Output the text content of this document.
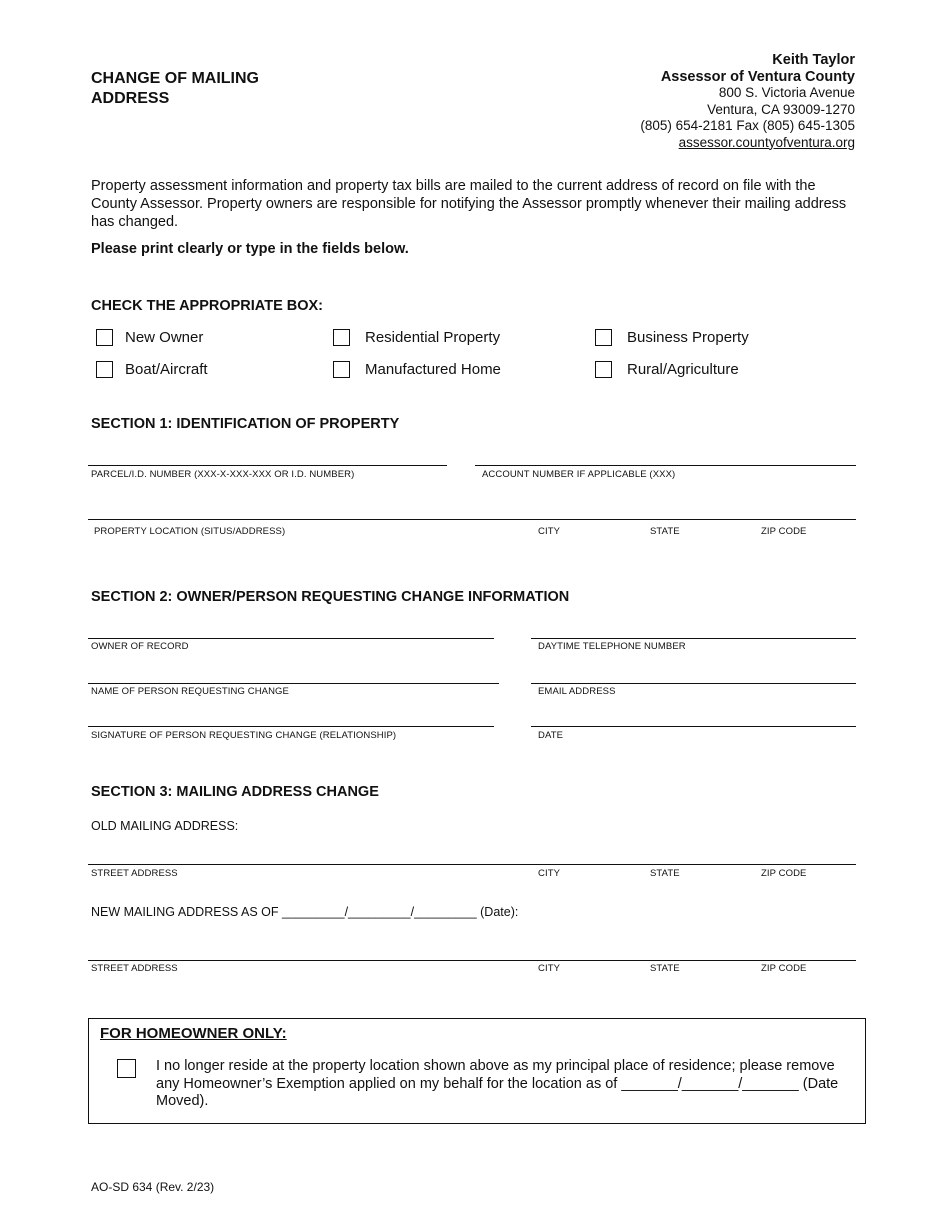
CHANGE OF MAILING ADDRESS
Keith Taylor
Assessor of Ventura County
800 S. Victoria Avenue
Ventura, CA 93009-1270
(805) 654-2181 Fax (805) 645-1305
assessor.countyofventura.org
Property assessment information and property tax bills are mailed to the current address of record on file with the County Assessor. Property owners are responsible for notifying the Assessor promptly whenever their mailing address has changed.
Please print clearly or type in the fields below.
CHECK THE APPROPRIATE BOX:
New Owner	Residential Property	Business Property
Boat/Aircraft	Manufactured Home	Rural/Agriculture
SECTION 1: IDENTIFICATION OF PROPERTY
PARCEL/I.D. NUMBER (XXX-X-XXX-XXX OR I.D. NUMBER)	ACCOUNT NUMBER IF APPLICABLE (XXX)
PROPERTY LOCATION (SITUS/ADDRESS)	CITY	STATE	ZIP CODE
SECTION 2: OWNER/PERSON REQUESTING CHANGE INFORMATION
OWNER OF RECORD	DAYTIME TELEPHONE NUMBER
NAME OF PERSON REQUESTING CHANGE	EMAIL ADDRESS
SIGNATURE OF PERSON REQUESTING CHANGE (RELATIONSHIP)	DATE
SECTION 3: MAILING ADDRESS CHANGE
OLD MAILING ADDRESS:
STREET ADDRESS	CITY	STATE	ZIP CODE
NEW MAILING ADDRESS AS OF _________/_________/_________ (Date):
STREET ADDRESS	CITY	STATE	ZIP CODE
FOR HOMEOWNER ONLY:
I no longer reside at the property location shown above as my principal place of residence; please remove any Homeowner’s Exemption applied on my behalf for the location as of _______/_______/_______ (Date Moved).
AO-SD 634 (Rev. 2/23)
